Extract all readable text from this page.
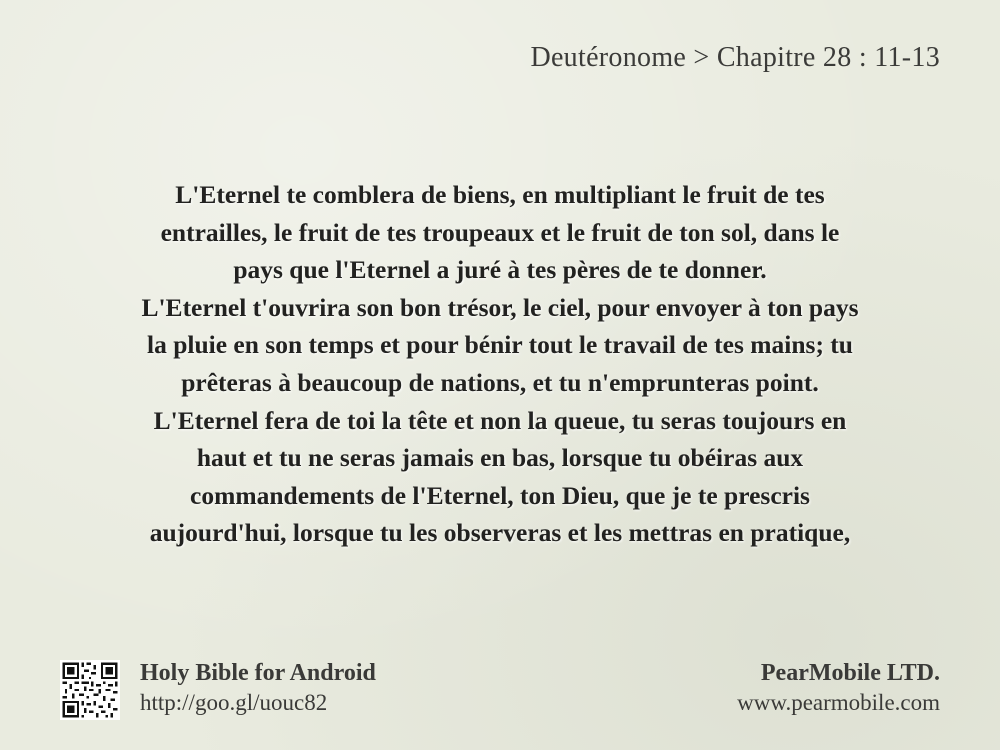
Deutéronome > Chapitre 28 : 11-13
L'Eternel te comblera de biens, en multipliant le fruit de tes
entrailles, le fruit de tes troupeaux et le fruit de ton sol, dans le
pays que l'Eternel a juré à tes pères de te donner.
L'Eternel t'ouvrira son bon trésor, le ciel, pour envoyer à ton pays
la pluie en son temps et pour bénir tout le travail de tes mains; tu
prêteras à beaucoup de nations, et tu n'emprunteras point.
L'Eternel fera de toi la tête et non la queue, tu seras toujours en
haut et tu ne seras jamais en bas, lorsque tu obéiras aux
commandements de l'Eternel, ton Dieu, que je te prescris
aujourd'hui, lorsque tu les observeras et les mettras en pratique,
Holy Bible for Android
http://goo.gl/uouc82
PearMobile LTD.
www.pearmobile.com
